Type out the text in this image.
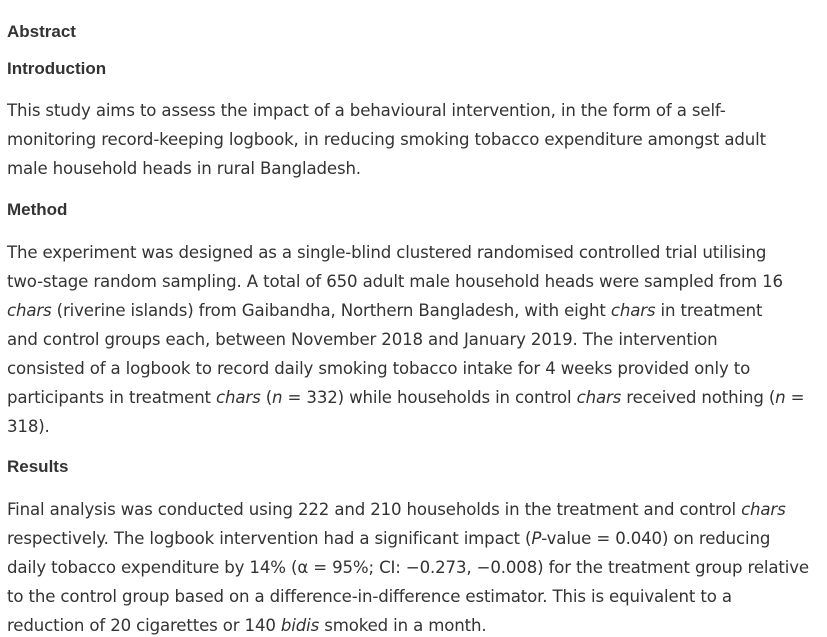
Abstract
Introduction

This study aims to assess the impact of a behavioural intervention, in the form of a self-
monitoring record-keeping logbook, in reducing smoking tobacco expenditure amongst adult
male household heads in rural Bangladesh.

Method

The experiment was designed as a single-blind clustered randomised controlled trial utilising
two-stage random sampling. A total of 650 adult male household heads were sampled from 16
chars (riverine islands) from Gaibandha, Northern Bangladesh, with eight chars in treatment
and control groups each, between November 2018 and January 2019. The intervention
consisted of a logbook to record daily smoking tobacco intake for 4 weeks provided only to
participants in treatment chars (n = 332) while households in control chars received nothing (n =
318).

Results

Final analysis was conducted using 222 and 210 households in the treatment and control chars
respectively. The logbook intervention had a significant impact (P-value = 0.040) on reducing
daily tobacco expenditure by 14% (α = 95%; CI: −0.273, −0.008) for the treatment group relative
to the control group based on a difference-in-difference estimator. This is equivalent to a
reduction of 20 cigarettes or 140 bidis smoked in a month.
